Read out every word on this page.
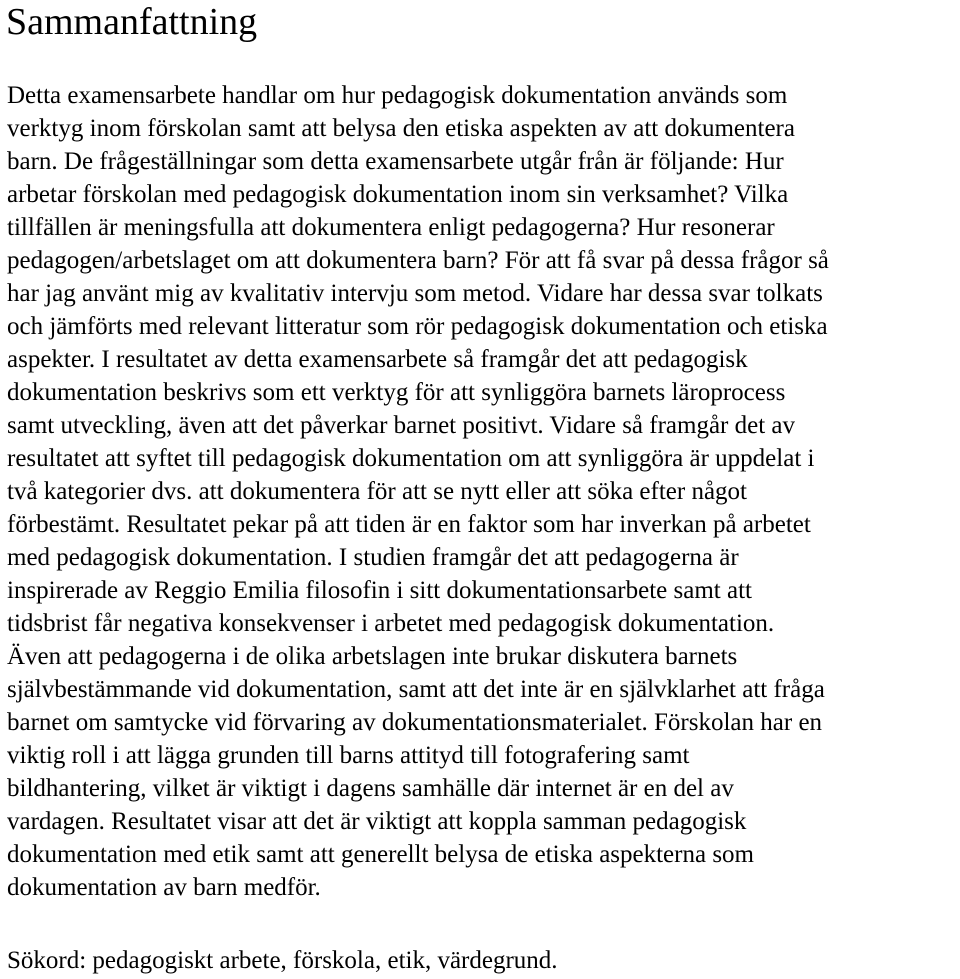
Sammanfattning
Detta examensarbete handlar om hur pedagogisk dokumentation används som
verktyg inom förskolan samt att belysa den etiska aspekten av att dokumentera
barn. De frågeställningar som detta examensarbete utgår från är följande: Hur
arbetar förskolan med pedagogisk dokumentation inom sin verksamhet? Vilka
tillfällen är meningsfulla att dokumentera enligt pedagogerna? Hur resonerar
pedagogen/arbetslaget om att dokumentera barn? För att få svar på dessa frågor så
har jag använt mig av kvalitativ intervju som metod. Vidare har dessa svar tolkats
och jämförts med relevant litteratur som rör pedagogisk dokumentation och etiska
aspekter. I resultatet av detta examensarbete så framgår det att pedagogisk
dokumentation beskrivs som ett verktyg för att synliggöra barnets läroprocess
samt utveckling, även att det påverkar barnet positivt. Vidare så framgår det av
resultatet att syftet till pedagogisk dokumentation om att synliggöra är uppdelat i
två kategorier dvs. att dokumentera för att se nytt eller att söka efter något
förbestämt. Resultatet pekar på att tiden är en faktor som har inverkan på arbetet
med pedagogisk dokumentation. I studien framgår det att pedagogerna är
inspirerade av Reggio Emilia filosofin i sitt dokumentationsarbete samt att
tidsbrist får negativa konsekvenser i arbetet med pedagogisk dokumentation.
Även att pedagogerna i de olika arbetslagen inte brukar diskutera barnets
självbestämmande vid dokumentation, samt att det inte är en självklarhet att fråga
barnet om samtycke vid förvaring av dokumentationsmaterialet. Förskolan har en
viktig roll i att lägga grunden till barns attityd till fotografering samt
bildhantering, vilket är viktigt i dagens samhälle där internet är en del av
vardagen. Resultatet visar att det är viktigt att koppla samman pedagogisk
dokumentation med etik samt att generellt belysa de etiska aspekterna som
dokumentation av barn medför.

Sökord: pedagogiskt arbete, förskola, etik, värdegrund.
